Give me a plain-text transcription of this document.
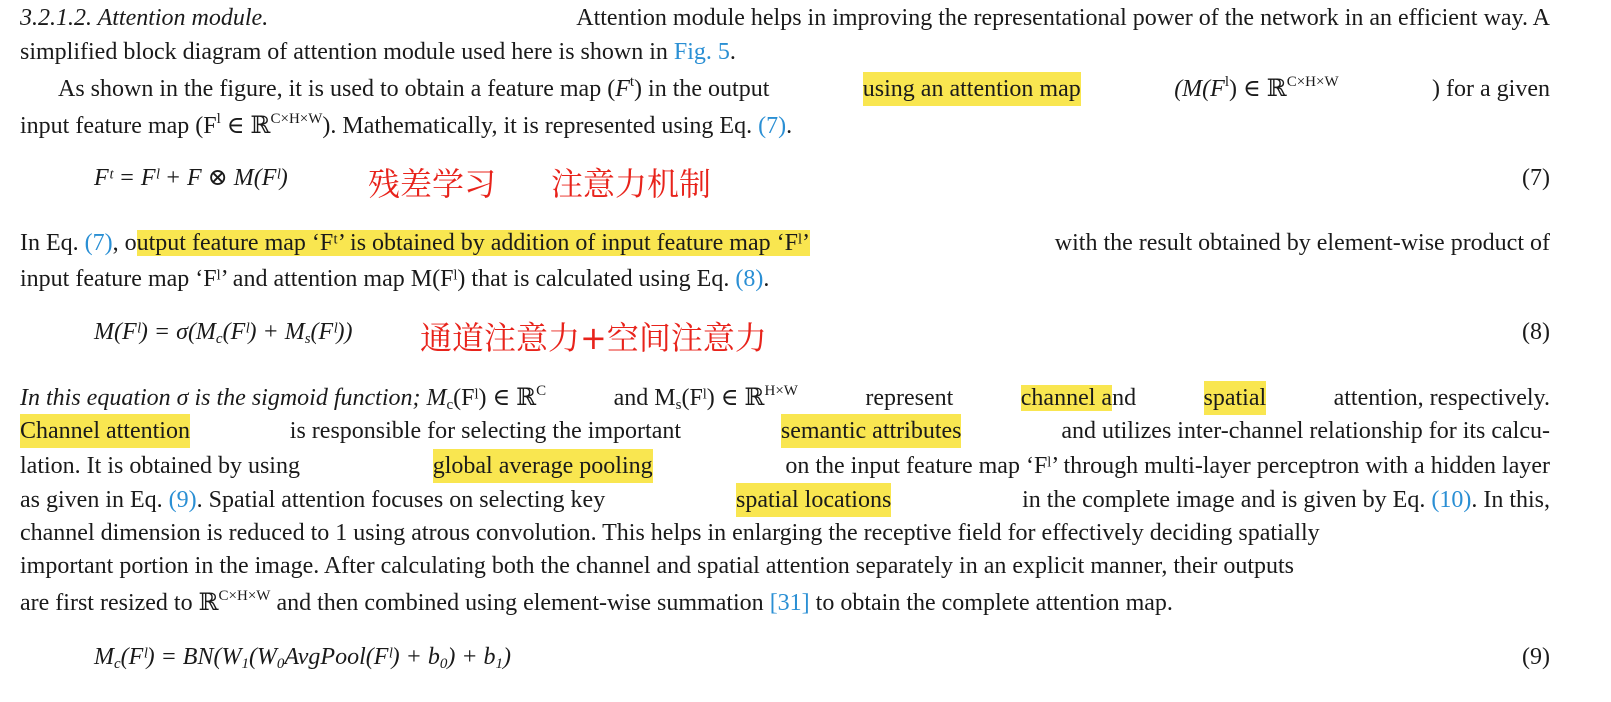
3.2.1.2. Attention module.	Attention module helps in improving the representational power of the network in an efficient way. A
simplified block diagram of attention module used here is shown in Fig. 5.
As shown in the figure, it is used to obtain a feature map $(F^t)$ in the output	using an attention map	($M(F^l)$ ∈ ℝ$^{C\times H\times W}$	) for a given
input feature map ($F^l$ ∈ ℝ$^{C\times H\times W}$). Mathematically, it is represented using Eq. (7).
Fᵗ = Fˡ + F ⊗ M(Fˡ)	残差学习 注意力机制	(7)
In Eq. (7), output feature map ‘Fᵗ’ is obtained by addition of input feature map ‘Fˡ’	with the result obtained by element-wise product of
input feature map ‘Fˡ’ and attention map M(Fˡ) that is calculated using Eq. (8).
M(Fˡ) = $\sigma(M_c(Fˡ)$ + $M_s(Fˡ)$) 通道注意力+空间注意力	(8)
In this equation σ is the sigmoid function; $M_c(Fˡ)$ ∈ ℝ$^C$	and $M_s(Fˡ)$ ∈ ℝ$^{H\times W}$	represent	channel and	spatial	attention, respectively.
Channel attention	is responsible for selecting the important	semantic attributes	and utilizes inter-channel relationship for its calcu-
lation. It is obtained by using	global average pooling	on the input feature map ‘Fˡ’ through multi-layer perceptron with a hidden layer
as given in Eq. (9). Spatial attention focuses on selecting key	spatial locations	in the complete image and is given by Eq. (10). In this,
channel dimension is reduced to 1 using atrous convolution. This helps in enlarging the receptive field for effectively deciding spatially
important portion in the image. After calculating both the channel and spatial attention separately in an explicit manner, their outputs
are first resized to ℝ$^{C\times H\times W}$ and then combined using element-wise summation [31] to obtain the complete attention map.
$M_c(Fˡ)$ = $BN(W_1(W_0AvgPool(Fˡ) + b_0) + b_1)$	(9)
